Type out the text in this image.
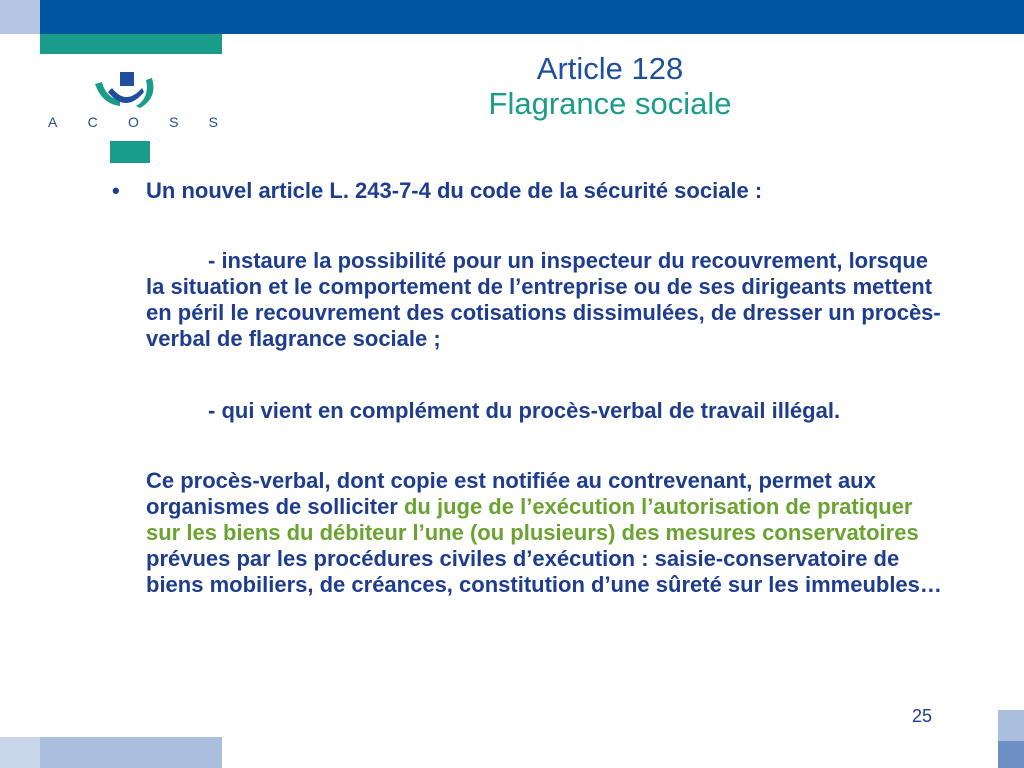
A C O S S
Article 128
Flagrance sociale
• Un nouvel article L. 243-7-4 du code de la sécurité sociale :

- instaure la possibilité pour un inspecteur du recouvrement, lorsque la situation et le comportement de l’entreprise ou de ses dirigeants mettent en péril le recouvrement des cotisations dissimulées, de dresser un procès-verbal de flagrance sociale ;

- qui vient en complément du procès-verbal de travail illégal.

Ce procès-verbal, dont copie est notifiée au contrevenant, permet aux organismes de solliciter du juge de l’exécution l’autorisation de pratiquer sur les biens du débiteur l’une (ou plusieurs) des mesures conservatoires prévues par les procédures civiles d’exécution : saisie-conservatoire de biens mobiliers, de créances, constitution d’une sûreté sur les immeubles…

25
